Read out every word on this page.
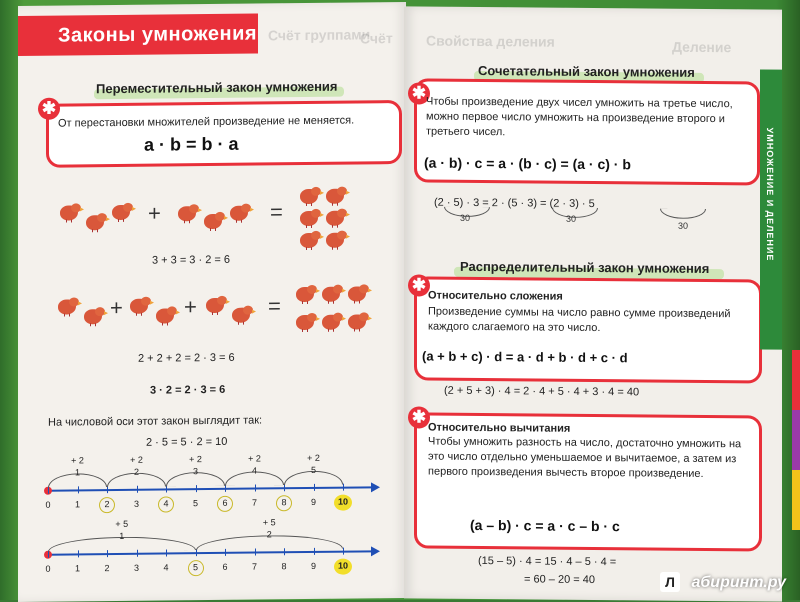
Счёт группами
Счёт
Законы умножения
Переместительный закон умножения
✱
От перестановки множителей произведение не меняется.
a · b = b · a
+	=
3 + 3 = 3 · 2 = 6
+	+	=
2 + 2 + 2 = 2 · 3 = 6
3 · 2 = 2 · 3 = 6
На числовой оси этот закон выглядит так:
2 · 5 = 5 · 2 = 10
0	1	2	3	4	5	6	7	8	9	10
+ 2
1
+ 2
2
+ 2
3
+ 2
4
+ 2
5
0	1	2	3	4	5	6	7	8	9	10
+ 5
1
+ 5
2
Свойства деления	Деление
Сочетательный закон умножения
✱
Чтобы произведение двух чисел умножить на третье число, можно первое число умножить на произведение второго и третьего чисел.
(a · b) · c = a · (b · c) = (a · c) · b
(2 · 5) · 3 = 2 · (5 · 3) = (2 · 3) · 5
30	30
30
Распределительный закон умножения
✱
Относительно сложения
Произведение суммы на число равно сумме произведений каждого слагаемого на это число.
(a + b + c) · d = a · d + b · d + c · d
(2 + 5 + 3) · 4 = 2 · 4 + 5 · 4 + 3 · 4 = 40
✱
Относительно вычитания
Чтобы умножить разность на число, достаточно умножить на это число отдельно уменьшаемое и вычитаемое, а затем из первого произведения вычесть второе произведение.
(a – b) · c = a · c – b · c
(15 – 5) · 4 = 15 · 4 – 5 · 4 =
= 60 – 20 = 40
УМНОЖЕНИЕ И ДЕЛЕНИЕ
Л	абиринт.ру
